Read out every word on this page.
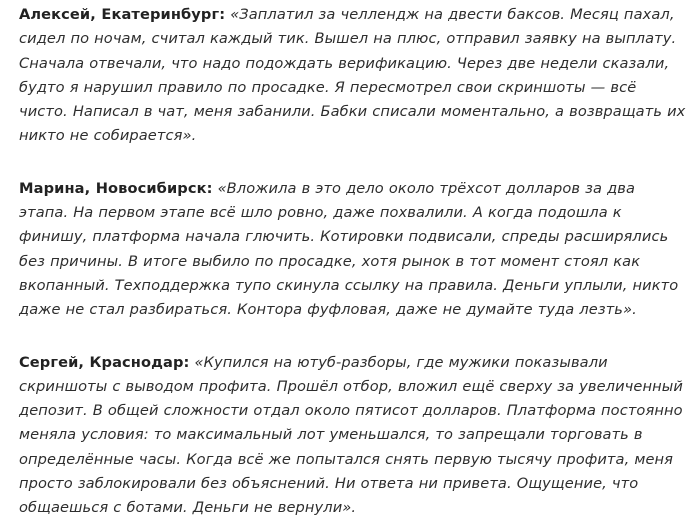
Алексей, Екатеринбург: «Заплатил за челлендж на двести баксов. Месяц пахал, сидел по ночам, считал каждый тик. Вышел на плюс, отправил заявку на выплату. Сначала отвечали, что надо подождать верификацию. Через две недели сказали, будто я нарушил правило по просадке. Я пересмотрел свои скриншоты — всё чисто. Написал в чат, меня забанили. Бабки списали моментально, а возвращать их никто не собирается».

Марина, Новосибирск: «Вложила в это дело около трёхсот долларов за два этапа. На первом этапе всё шло ровно, даже похвалили. А когда подошла к финишу, платформа начала глючить. Котировки подвисали, спреды расширялись без причины. В итоге выбило по просадке, хотя рынок в тот момент стоял как вкопанный. Техподдержка тупо скинула ссылку на правила. Деньги уплыли, никто даже не стал разбираться. Контора фуфловая, даже не думайте туда лезть».

Сергей, Краснодар: «Купился на ютуб-разборы, где мужики показывали скриншоты с выводом профита. Прошёл отбор, вложил ещё сверху за увеличенный депозит. В общей сложности отдал около пятисот долларов. Платформа постоянно меняла условия: то максимальный лот уменьшался, то запрещали торговать в определённые часы. Когда всё же попытался снять первую тысячу профита, меня просто заблокировали без объяснений. Ни ответа ни привета. Ощущение, что общаешься с ботами. Деньги не вернули».
